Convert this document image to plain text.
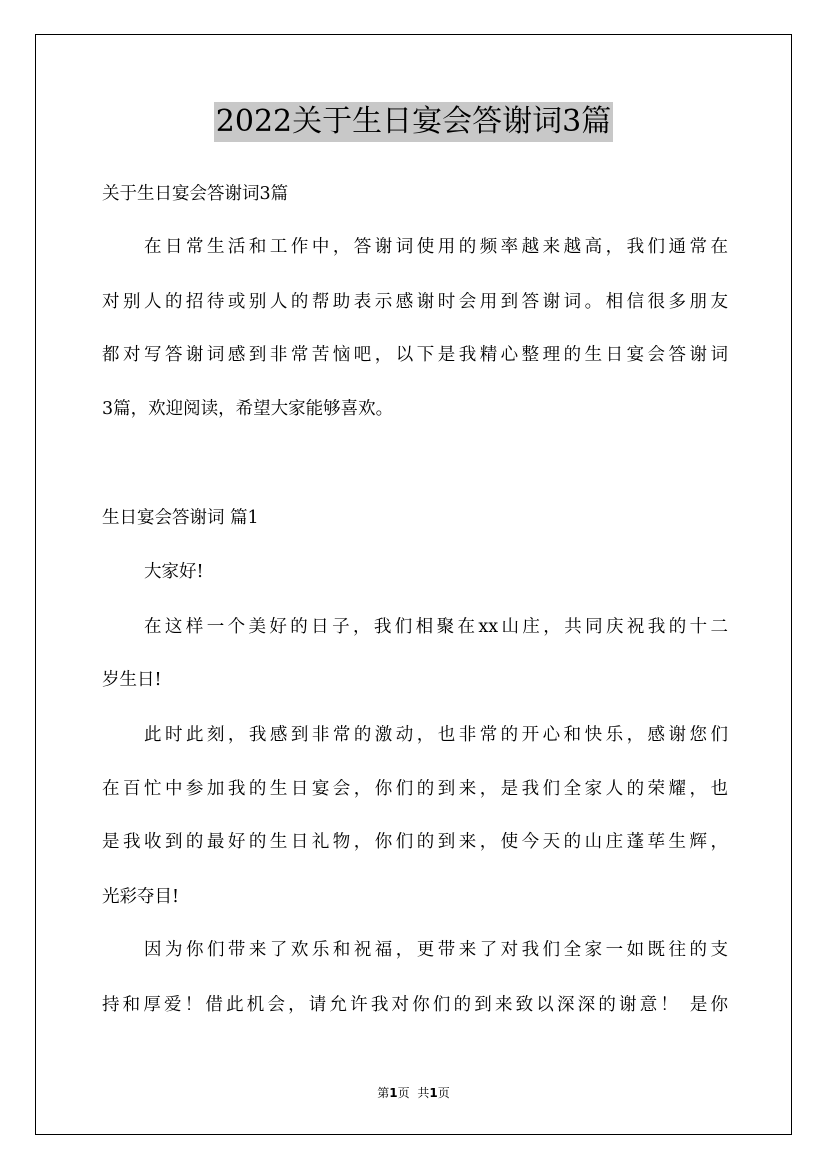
2022关于生日宴会答谢词3篇
关于生日宴会答谢词3篇
在日常生活和工作中，答谢词使用的频率越来越高，我们通常在
对别人的招待或别人的帮助表示感谢时会用到答谢词。相信很多朋友
都对写答谢词感到非常苦恼吧，以下是我精心整理的生日宴会答谢词
3篇，欢迎阅读，希望大家能够喜欢。
生日宴会答谢词 篇1
大家好!
在这样一个美好的日子，我们相聚在xx山庄，共同庆祝我的十二
岁生日!
此时此刻，我感到非常的激动，也非常的开心和快乐，感谢您们
在百忙中参加我的生日宴会，你们的到来，是我们全家人的荣耀，也
是我收到的最好的生日礼物，你们的到来，使今天的山庄蓬荜生辉，
光彩夺目!
因为你们带来了欢乐和祝福，更带来了对我们全家一如既往的支
持和厚爱！借此机会，请允许我对你们的到来致以深深的谢意！ 是你
第1页 共1页
